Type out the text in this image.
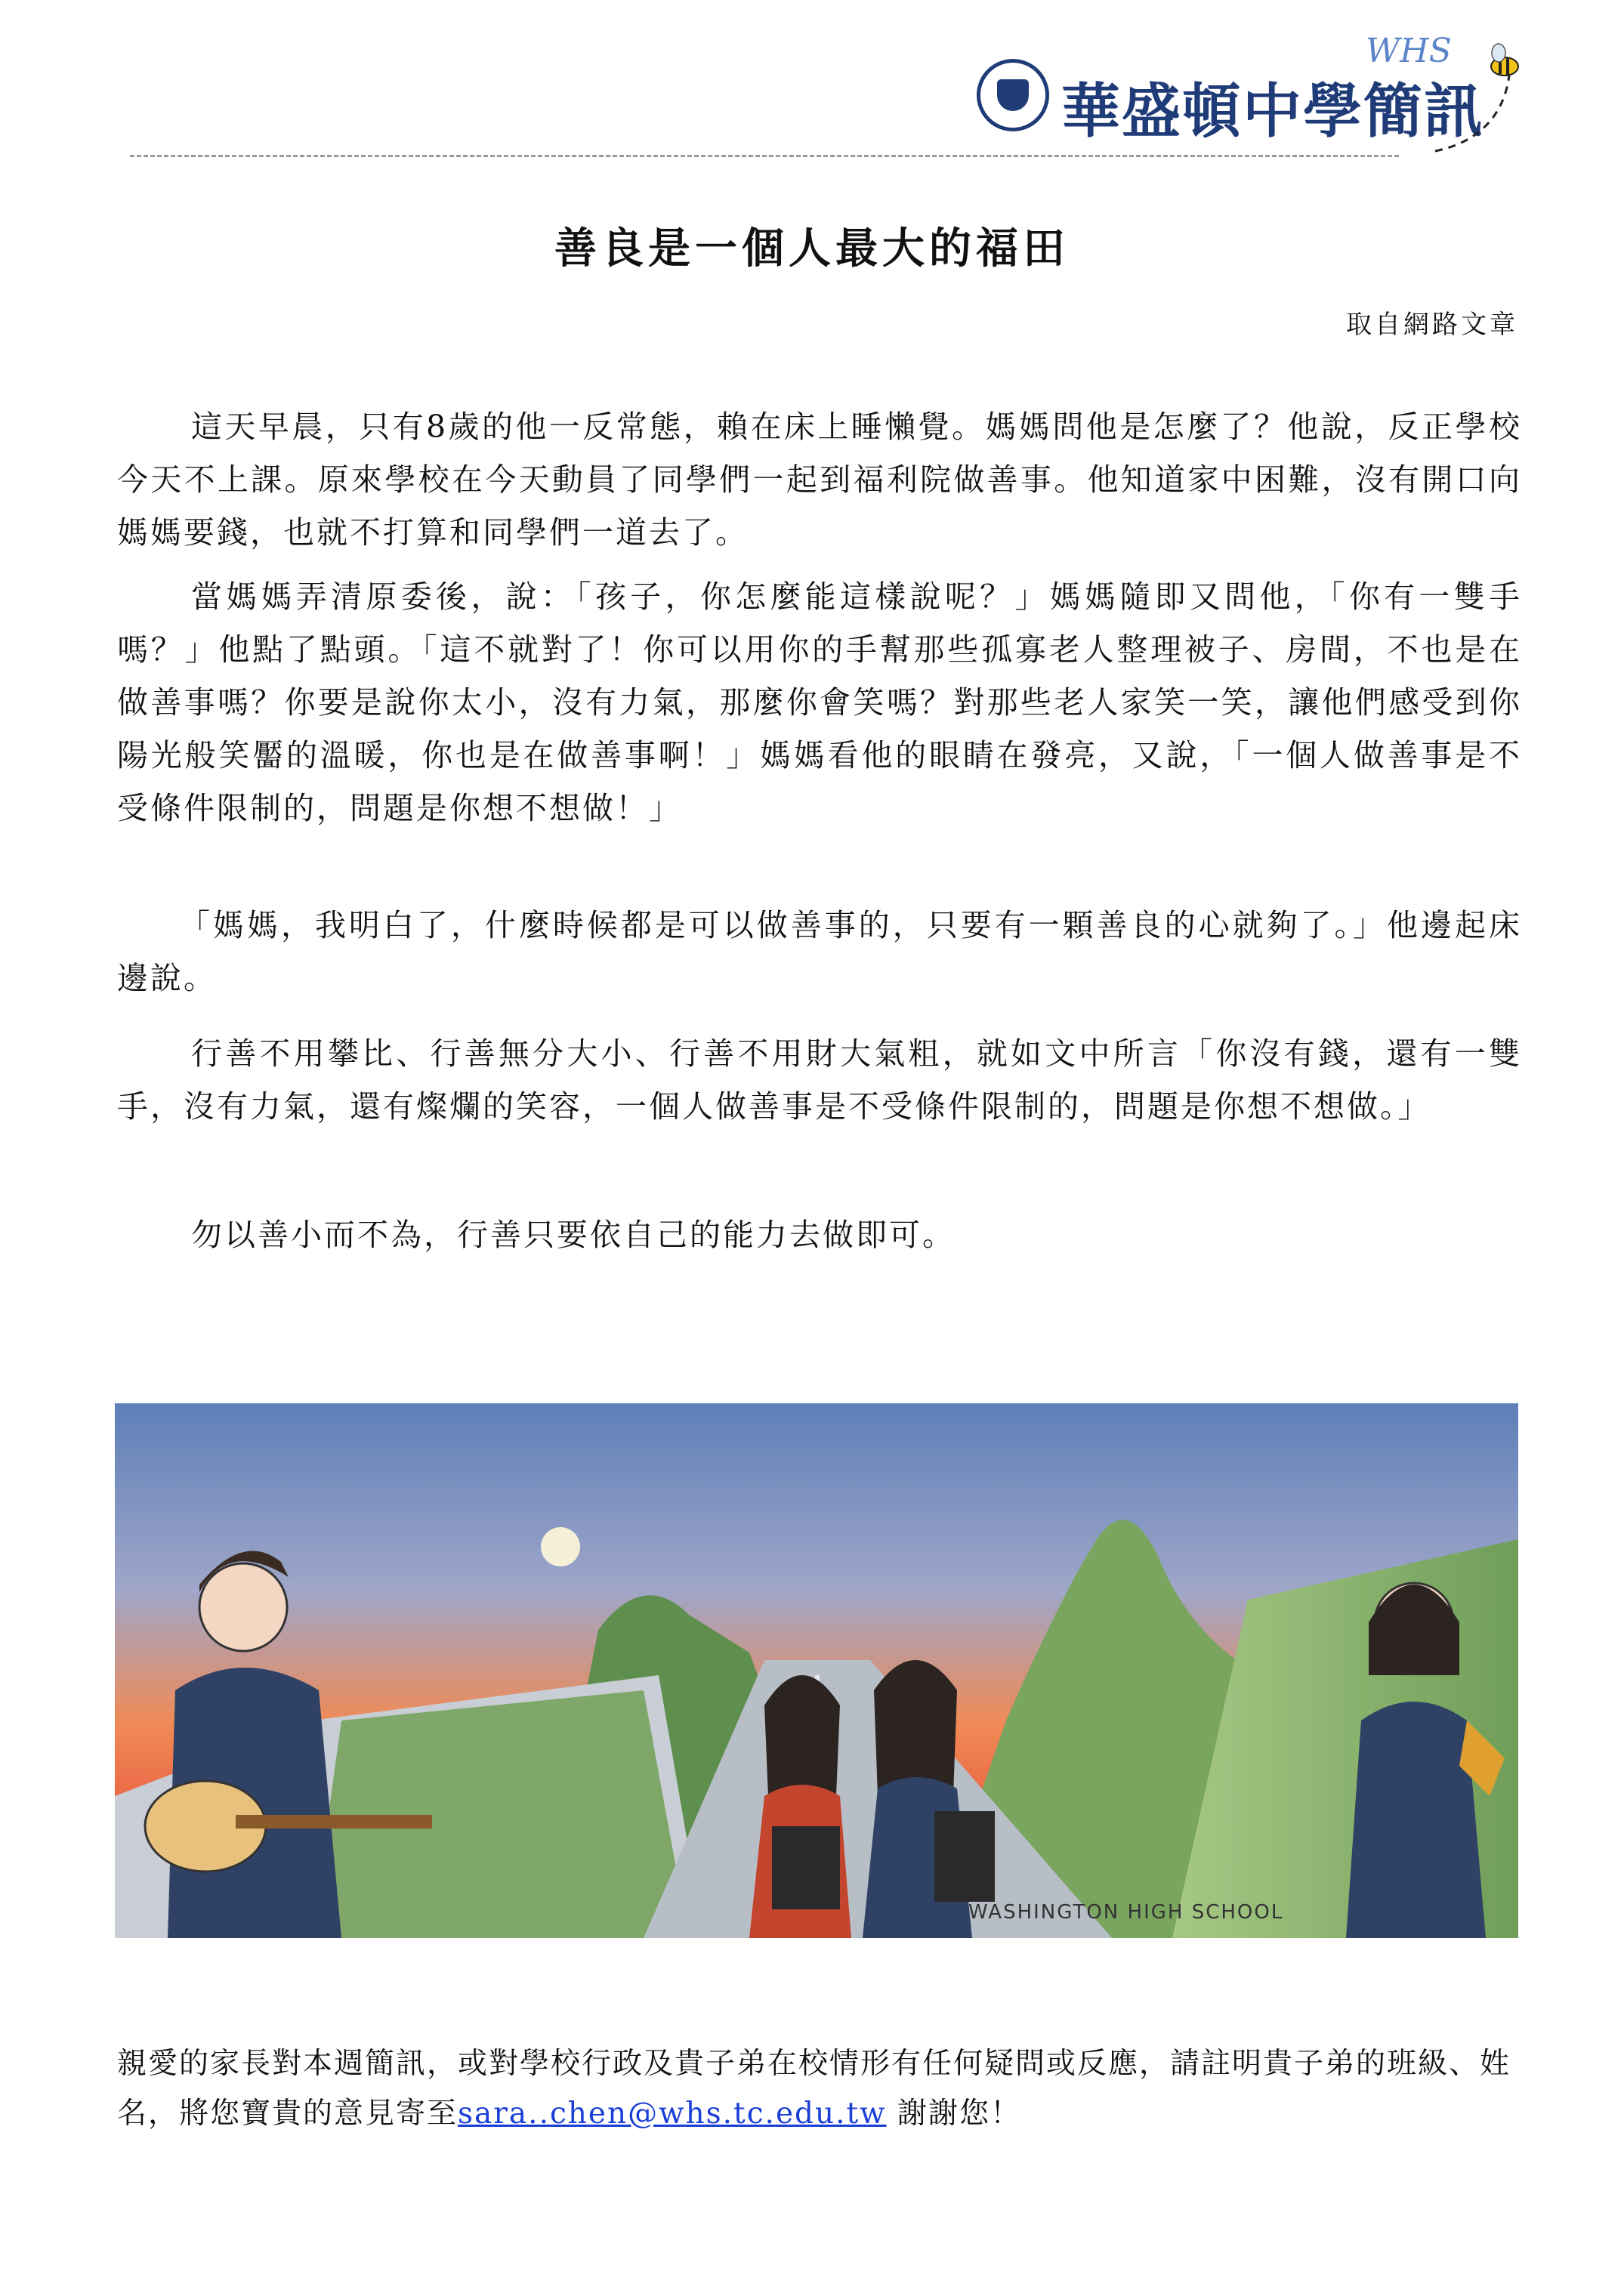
華盛頓中學簡訊
WHS
善良是一個人最大的福田
取自網路文章
這天早晨，只有8歲的他一反常態，賴在床上睡懶覺。媽媽問他是怎麼了？他說，反正學校今天不上課。原來學校在今天動員了同學們一起到福利院做善事。他知道家中困難，沒有開口向媽媽要錢，也就不打算和同學們一道去了。
當媽媽弄清原委後，說：「孩子，你怎麼能這樣說呢？」媽媽隨即又問他，「你有一雙手嗎？」他點了點頭。「這不就對了！你可以用你的手幫那些孤寡老人整理被子、房間，不也是在做善事嗎？你要是說你太小，沒有力氣，那麼你會笑嗎？對那些老人家笑一笑，讓他們感受到你陽光般笑靨的溫暖，你也是在做善事啊！」媽媽看他的眼睛在發亮，又說，「一個人做善事是不受條件限制的，問題是你想不想做！」
「媽媽，我明白了，什麼時候都是可以做善事的，只要有一顆善良的心就夠了。」他邊起床邊說。
行善不用攀比、行善無分大小、行善不用財大氣粗，就如文中所言「你沒有錢，還有一雙手，沒有力氣，還有燦爛的笑容，一個人做善事是不受條件限制的，問題是你想不想做。」
勿以善小而不為，行善只要依自己的能力去做即可。
WASHINGTON HIGH SCHOOL
親愛的家長對本週簡訊，或對學校行政及貴子弟在校情形有任何疑問或反應，請註明貴子弟的班級、姓名，將您寶貴的意見寄至sara..chen@whs.tc.edu.tw 謝謝您！
